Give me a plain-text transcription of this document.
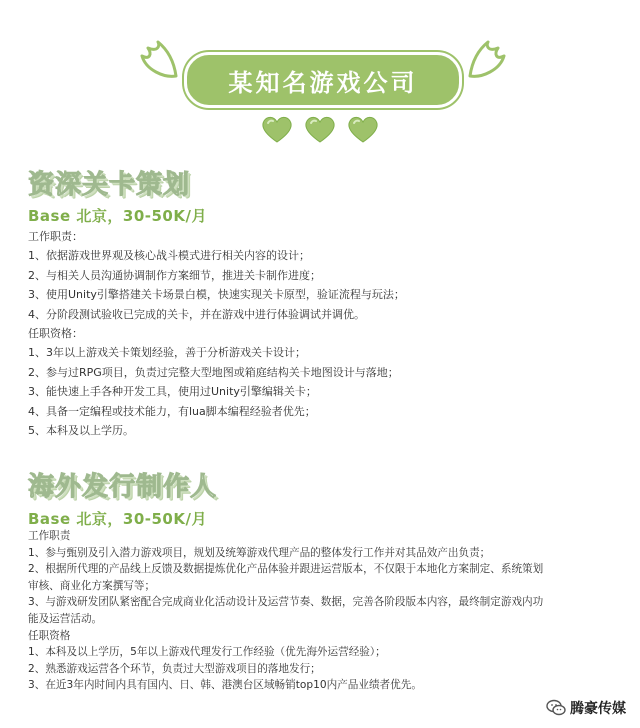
某知名游戏公司
资深关卡策划
Base 北京，30-50K/月
工作职责：
1、依据游戏世界观及核心战斗模式进行相关内容的设计；
2、与相关人员沟通协调制作方案细节，推进关卡制作进度；
3、使用Unity引擎搭建关卡场景白模，快速实现关卡原型，验证流程与玩法；
4、分阶段测试验收已完成的关卡，并在游戏中进行体验调试并调优。
任职资格：
1、3年以上游戏关卡策划经验，善于分析游戏关卡设计；
2、参与过RPG项目，负责过完整大型地图或箱庭结构关卡地图设计与落地；
3、能快速上手各种开发工具，使用过Unity引擎编辑关卡；
4、具备一定编程或技术能力，有lua脚本编程经验者优先；
5、本科及以上学历。
海外发行制作人
Base 北京，30-50K/月
工作职责
1、参与甄别及引入潜力游戏项目，规划及统筹游戏代理产品的整体发行工作并对其品效产出负责；
2、根据所代理的产品线上反馈及数据提炼优化产品体验并跟进运营版本，不仅限于本地化方案制定、系统策划
审核、商业化方案撰写等；
3、与游戏研发团队紧密配合完成商业化活动设计及运营节奏、数据，完善各阶段版本内容，最终制定游戏内功
能及运营活动。
任职资格
1、本科及以上学历，5年以上游戏代理发行工作经验（优先海外运营经验）；
2、熟悉游戏运营各个环节，负责过大型游戏项目的落地发行；
3、在近3年内时间内具有国内、日、韩、港澳台区域畅销top10内产品业绩者优先。
腾豪传媒
